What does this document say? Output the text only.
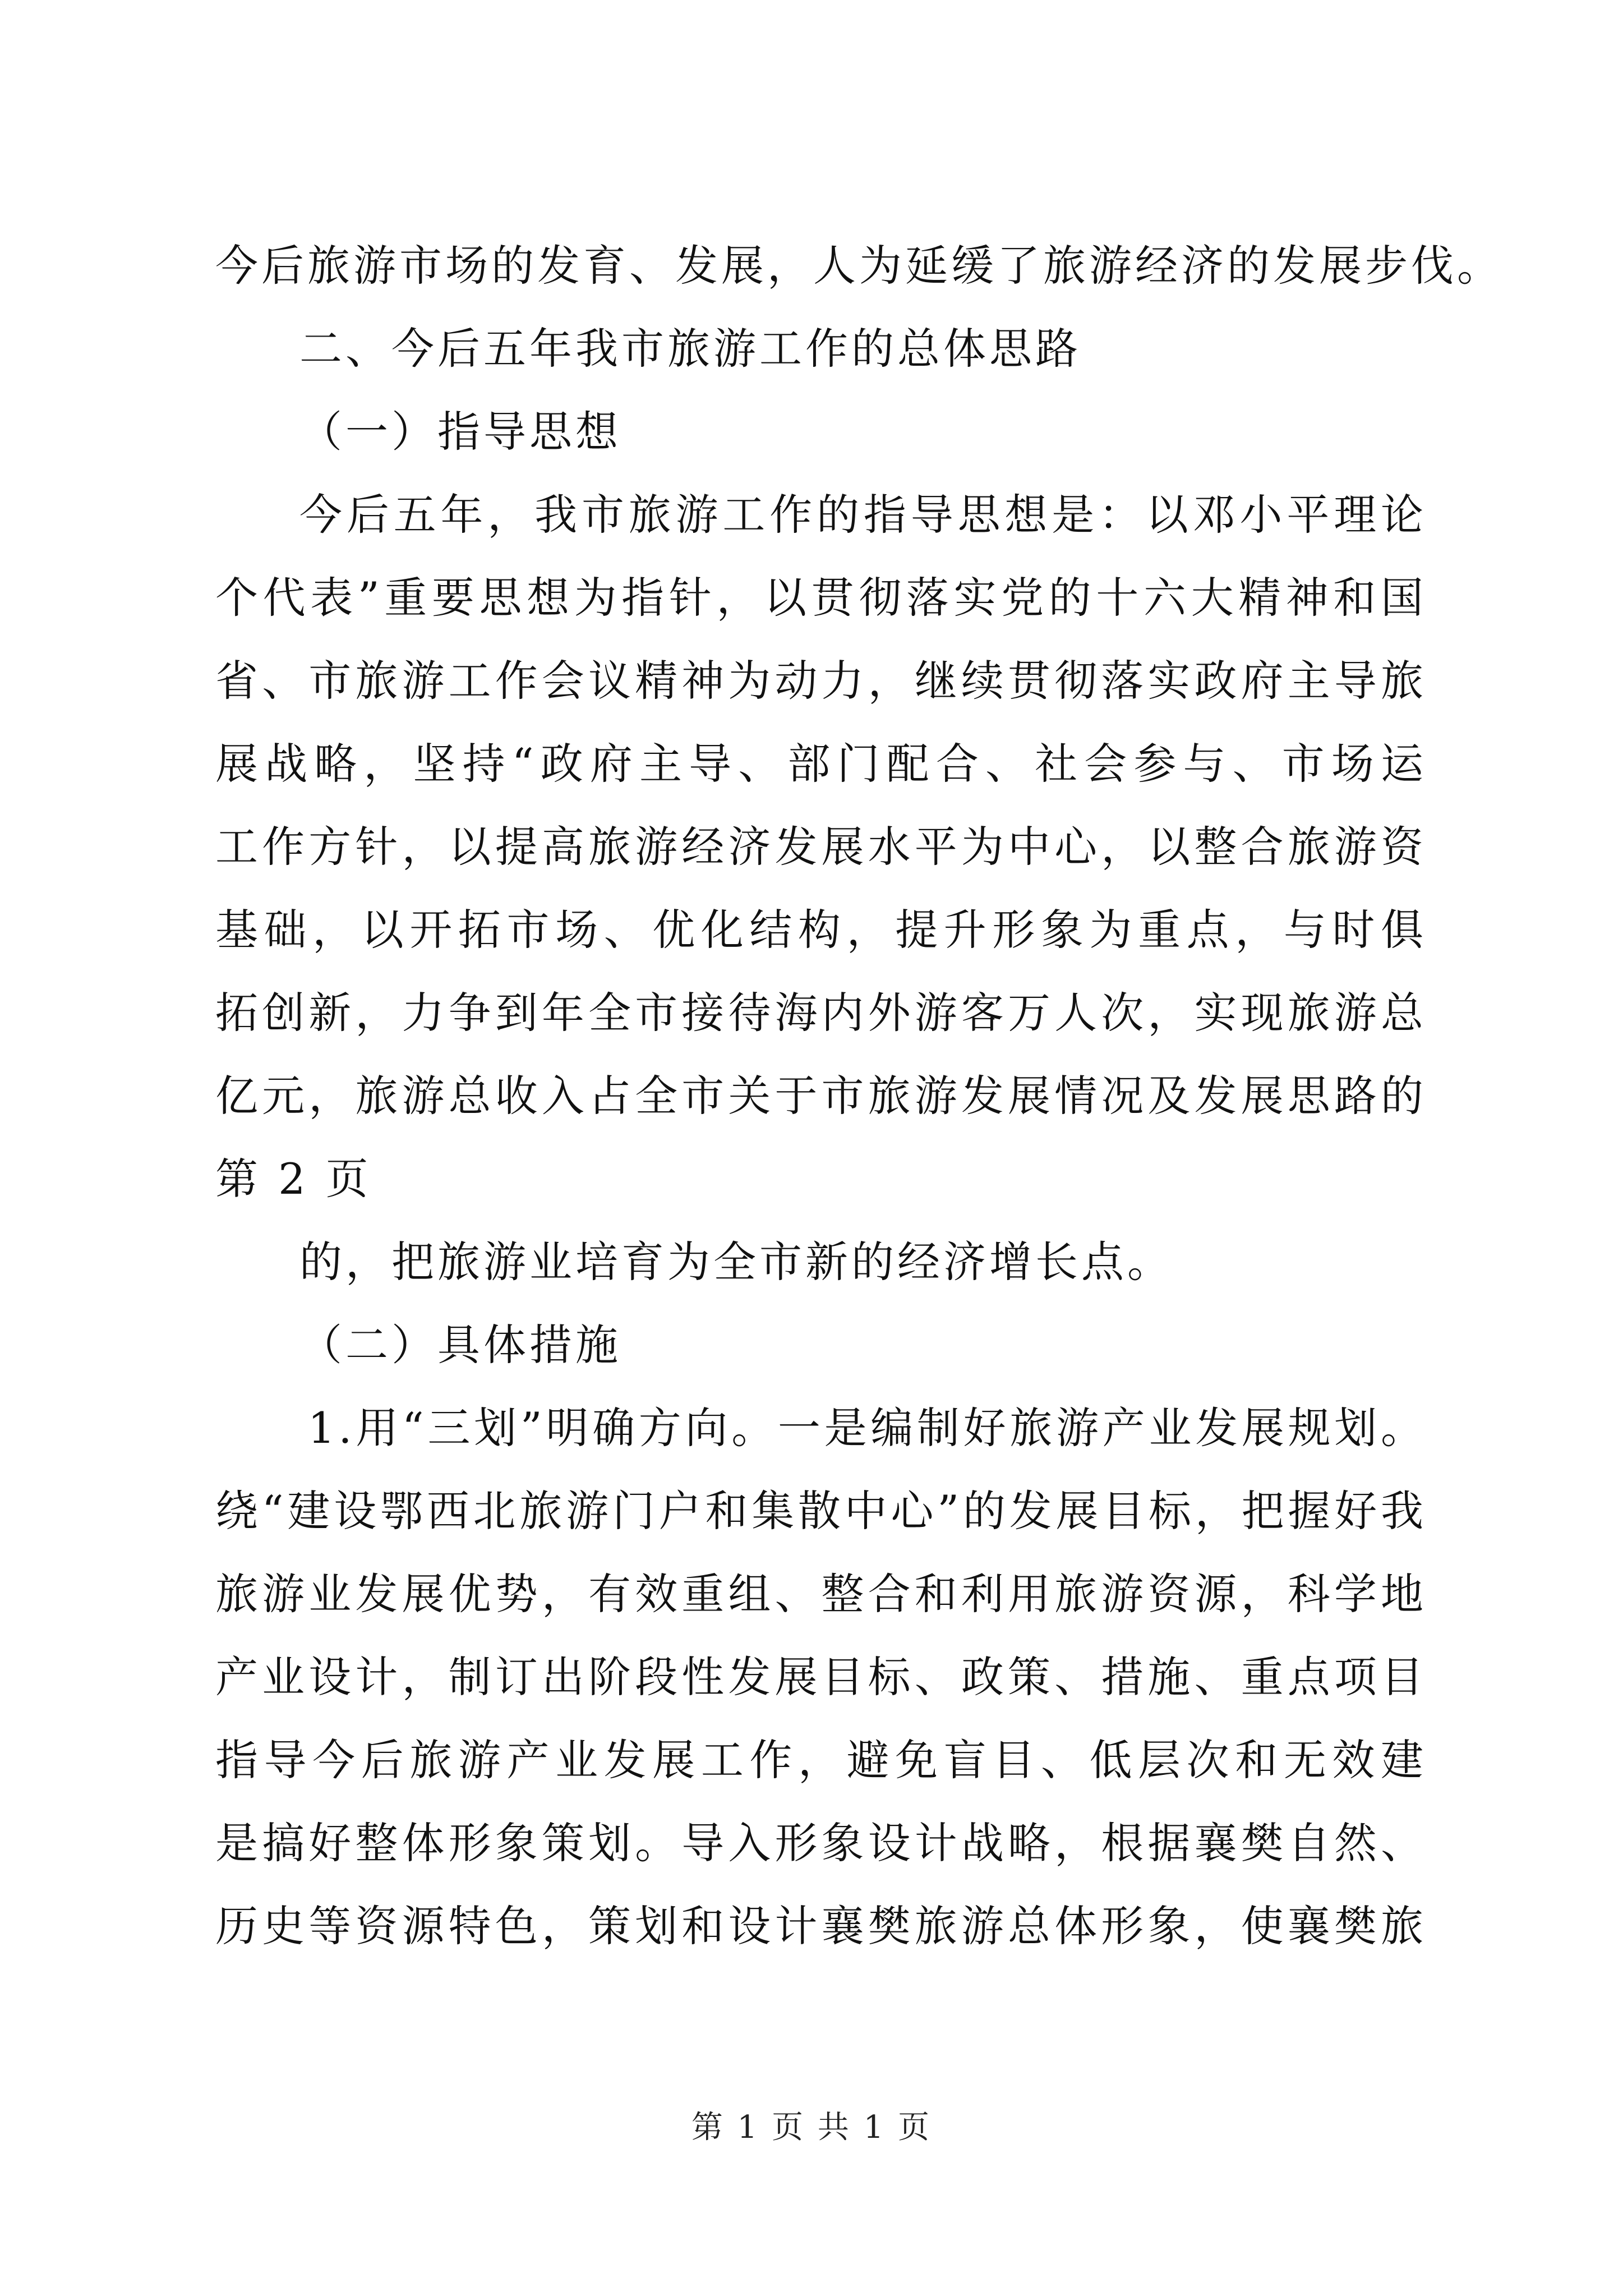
今后旅游市场的发育、发展，人为延缓了旅游经济的发展步伐。
二、今后五年我市旅游工作的总体思路
（一）指导思想
今后五年，我市旅游工作的指导思想是：以邓小平理论
个代表”重要思想为指针，以贯彻落实党的十六大精神和国
省、市旅游工作会议精神为动力，继续贯彻落实政府主导旅
展战略，坚持“政府主导、部门配合、社会参与、市场运
工作方针，以提高旅游经济发展水平为中心，以整合旅游资
基础，以开拓市场、优化结构，提升形象为重点，与时俱
拓创新，力争到年全市接待海内外游客万人次，实现旅游总
亿元，旅游总收入占全市关于市旅游发展情况及发展思路的
第 2 页
的，把旅游业培育为全市新的经济增长点。
（二）具体措施
1.用“三划”明确方向。一是编制好旅游产业发展规划。
绕“建设鄂西北旅游门户和集散中心”的发展目标，把握好我
旅游业发展优势，有效重组、整合和利用旅游资源，科学地
产业设计，制订出阶段性发展目标、政策、措施、重点项目
指导今后旅游产业发展工作，避免盲目、低层次和无效建
是搞好整体形象策划。导入形象设计战略，根据襄樊自然、
历史等资源特色，策划和设计襄樊旅游总体形象，使襄樊旅
第 1 页 共 1 页
